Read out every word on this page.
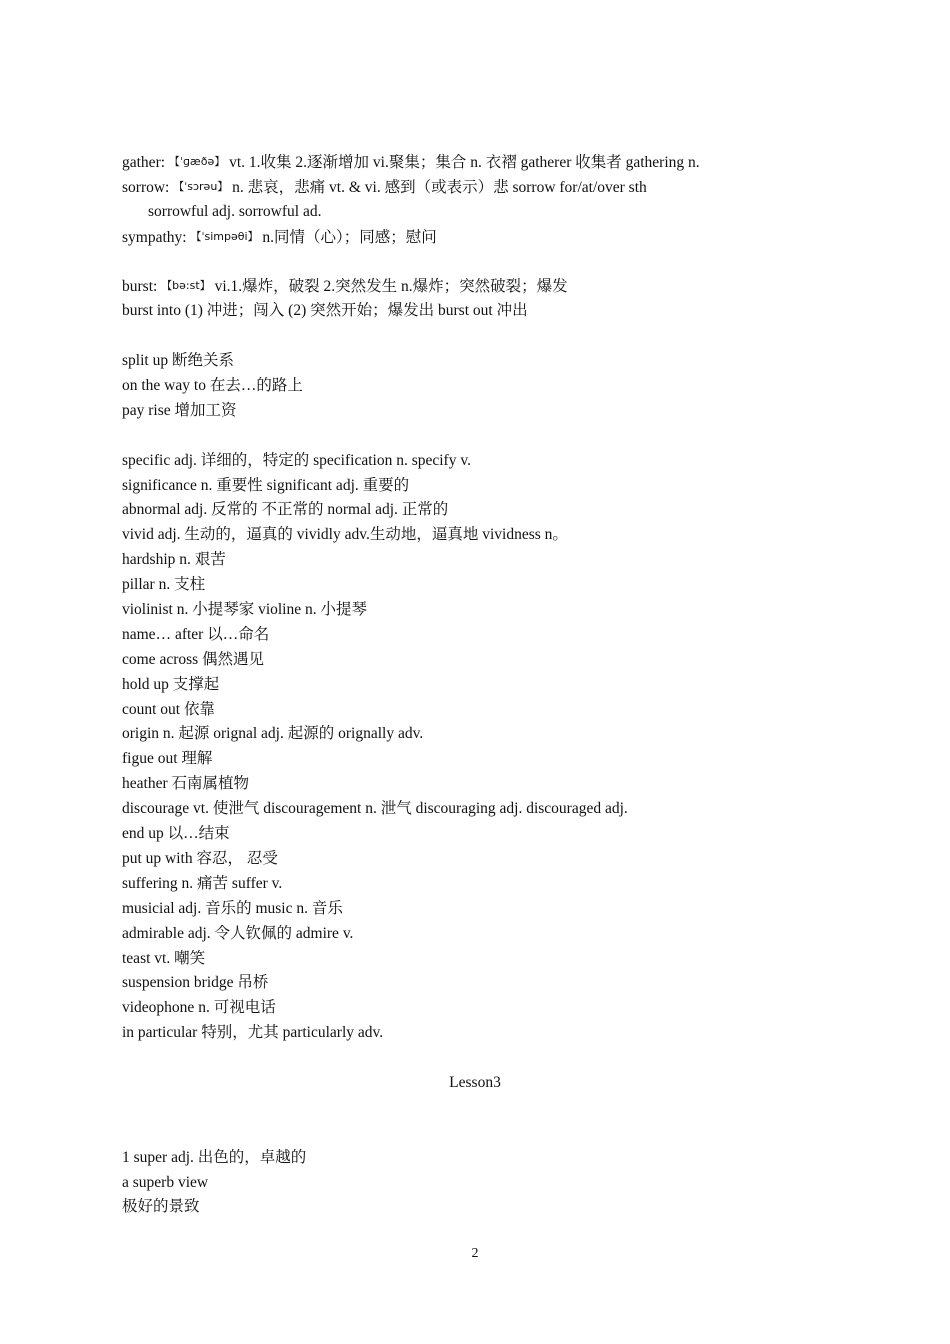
gather: 【ˈɡæðə】 vt. 1.收集 2.逐渐增加 vi.聚集；集合 n. 衣褶 gatherer 收集者 gathering n.
sorrow: 【ˈsɔrəu】 n. 悲哀，悲痛 vt. & vi. 感到（或表示）悲 sorrow for/at/over sth
sorrowful adj. sorrowful ad.
sympathy: 【ˈsimpəθi】 n.同情（心）；同感；慰问
burst: 【bə:st】 vi.1.爆炸，破裂 2.突然发生 n.爆炸；突然破裂；爆发
burst into (1) 冲进；闯入 (2) 突然开始；爆发出 burst out 冲出
split up 断绝关系
on the way to 在去…的路上
pay rise 增加工资
specific adj. 详细的，特定的 specification n. specify v.
significance n. 重要性 significant adj. 重要的
abnormal adj. 反常的 不正常的 normal adj. 正常的
vivid adj. 生动的，逼真的 vividly adv.生动地，逼真地 vividness n。
hardship n. 艰苦
pillar n. 支柱
violinist n. 小提琴家 violine n. 小提琴
name… after 以…命名
come across 偶然遇见
hold up 支撑起
count out 依靠
origin n. 起源 orignal adj. 起源的 orignally adv.
figue out 理解
heather 石南属植物
discourage vt. 使泄气 discouragement n. 泄气 discouraging adj. discouraged adj.
end up 以…结束
put up with 容忍， 忍受
suffering n. 痛苦 suffer v.
musicial adj. 音乐的 music n. 音乐
admirable adj. 令人钦佩的 admire v.
teast vt. 嘲笑
suspension bridge 吊桥
videophone n. 可视电话
in particular 特别，尤其 particularly adv.
Lesson3
1 super adj. 出色的，卓越的
a superb view
极好的景致
2
